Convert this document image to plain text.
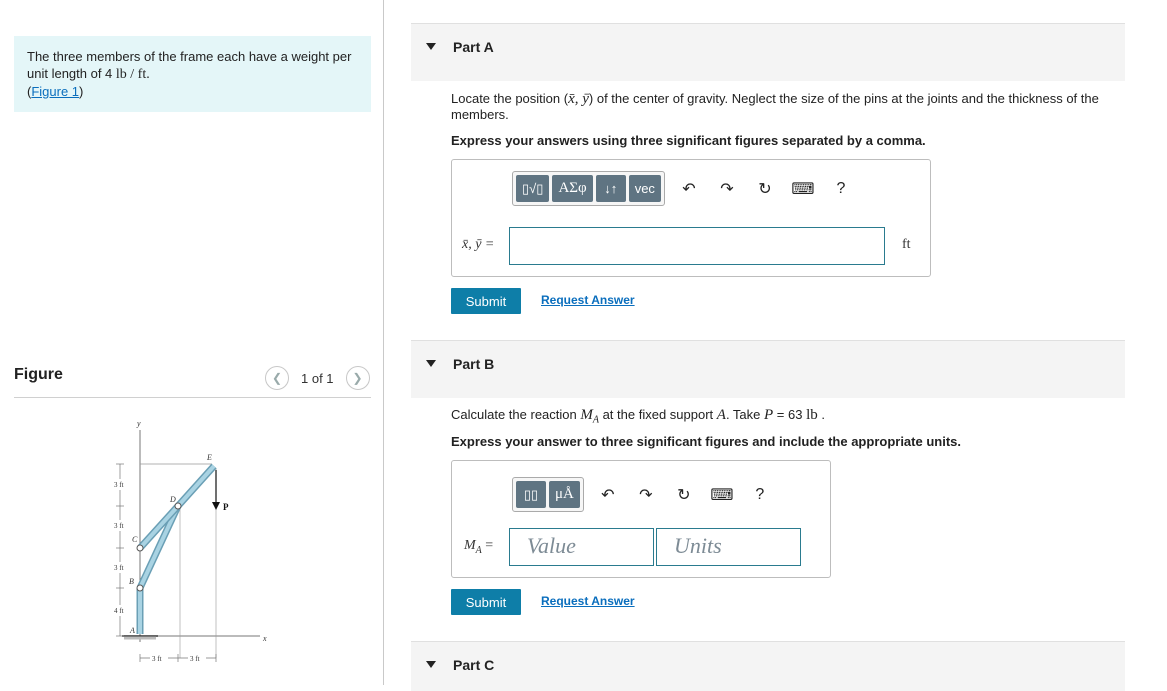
The three members of the frame each have a weight per
unit length of 4 lb / ft.
(Figure 1)
Figure	❮	1 of 1	❯
y
x
P
E
D
C
B
A
3 ft
3 ft
3 ft
4 ft
3 ft	3 ft
Part A
Locate the position (x̄, ȳ) of the center of gravity. Neglect the size of the pins at the joints and the thickness of the
members.
Express your answers using three significant figures separated by a comma.
▯√▯	ΑΣφ	↓↑	vec	↶	↷	↻	⌨	?
x̄, ȳ =	ft
Submit	Request Answer
Part B
Calculate the reaction $M_A$ at the fixed support A. Take P = 63 lb .
Express your answer to three significant figures and include the appropriate units.
▯▯	μÅ	↶	↷	↻	⌨	?
$M_A$ =	Value	Units
Submit	Request Answer
Part C
